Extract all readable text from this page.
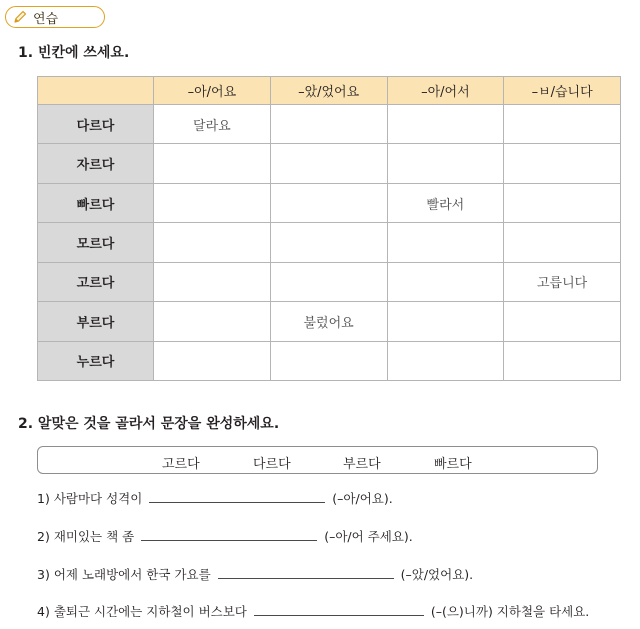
연습
1. 빈칸에 쓰세요.
	–아/어요	–았/었어요	–아/어서	–ㅂ/습니다
다르다	달라요			
자르다				
빠르다			빨라서	
모르다				
고르다				고릅니다
부르다		불렀어요		
누르다				
2. 알맞은 것을 골라서 문장을 완성하세요.
고르다	다르다	부르다	빠르다
1) 사람마다 성격이	(–아/어요).
2) 재미있는 책 좀	(–아/어 주세요).
3) 어제 노래방에서 한국 가요를	(–았/었어요).
4) 출퇴근 시간에는 지하철이 버스보다	(–(으)니까) 지하철을 타세요.
